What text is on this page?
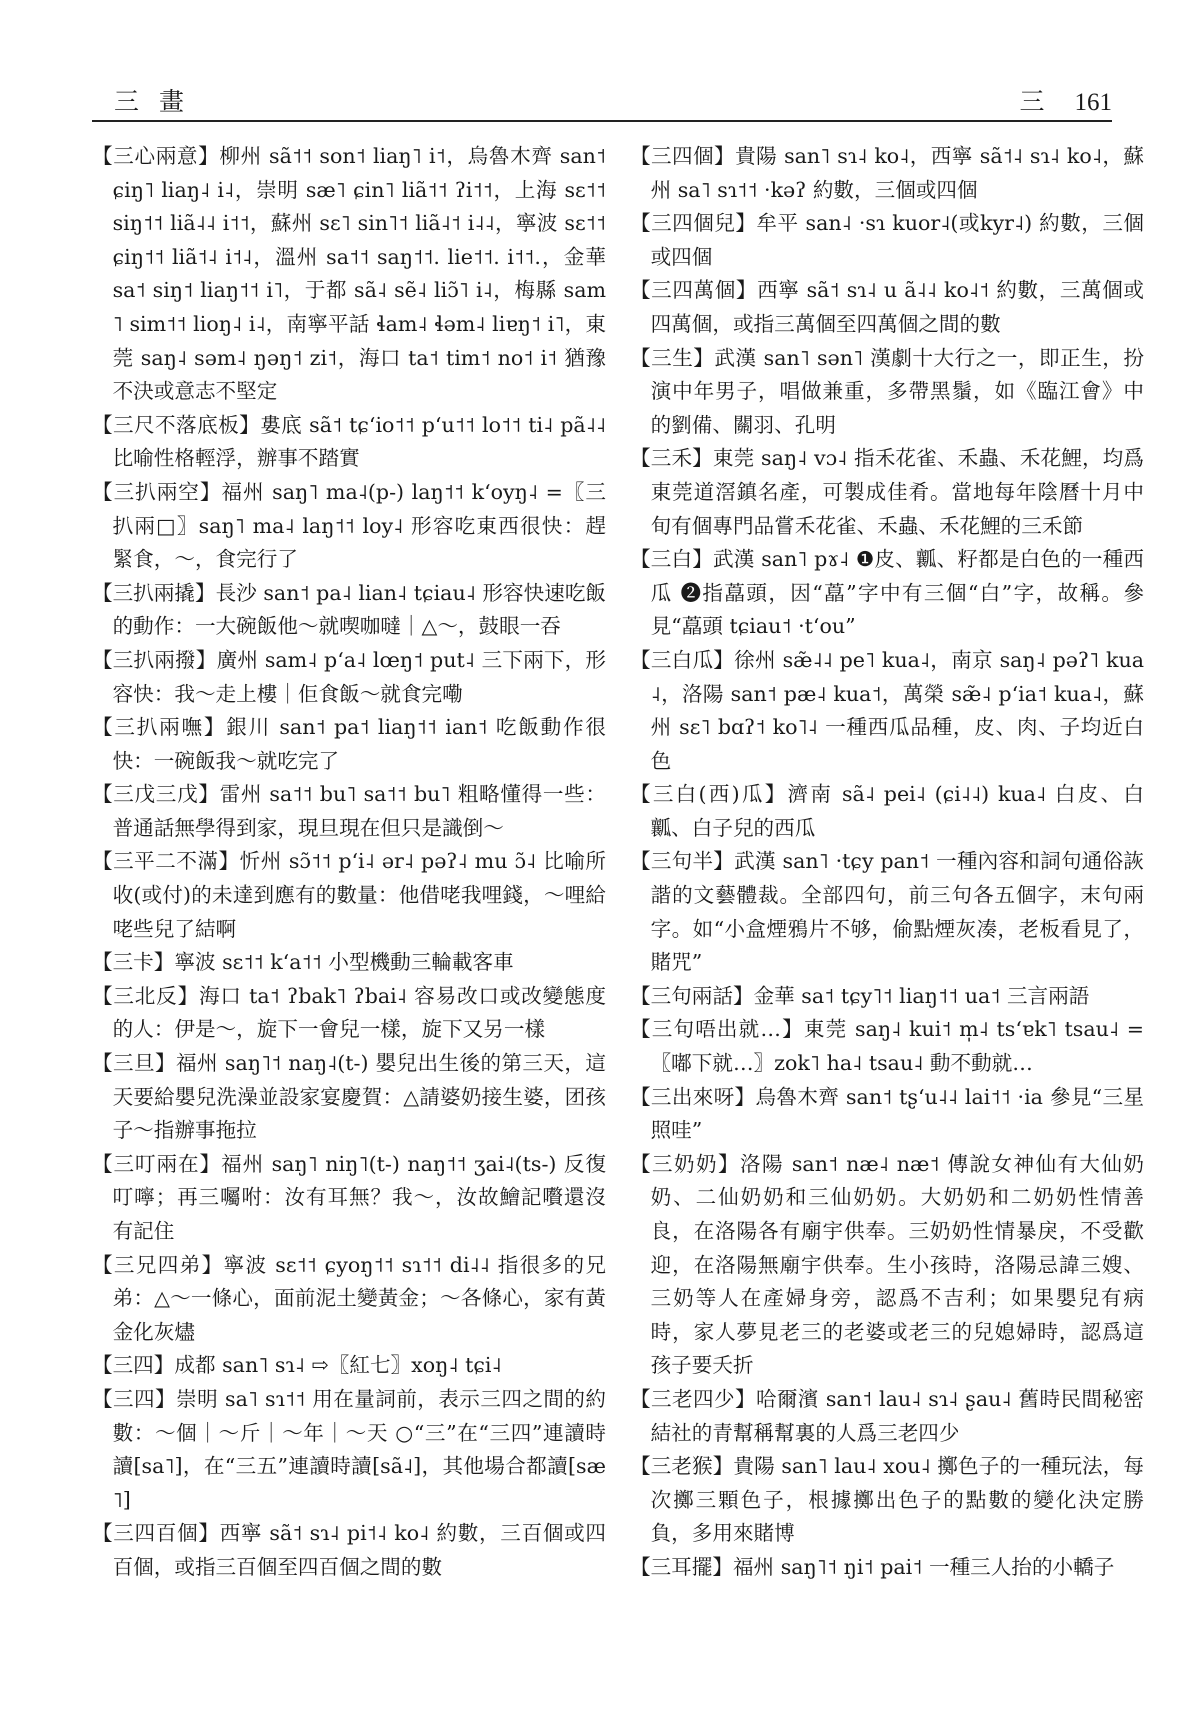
三畫	三 161

【三心兩意】柳州 sã˦˦ son˦ liaŋ˥ i˦，烏魯木齊 san˦ ɕiŋ˥ liaŋ˨ i˨，崇明 sæ˥ ɕin˥ liã˦˦ ʔi˦˦，上海 sɛ˦˦ siŋ˦˦ liã˨˨ i˦˦，蘇州 sɛ˥ sin˥˦ liã˨˦ i˨˨，寧波 sɛ˦˦ ɕiŋ˦˦ liã˦˨ i˦˨，溫州 sa˦˦ saŋ˦˦. lie˦˦. i˦˦.，金華 sa˦ siŋ˦ liaŋ˦˦ i˥，于都 sã˨ sẽ˨ liɔ̃˥ i˨，梅縣 sam˥ sim˦˦ lioŋ˨ i˨，南寧平話 ɬam˨ ɬəm˨ liɐŋ˦ i˥，東莞 saŋ˨ səm˨ ŋəŋ˦ zi˦，海口 ta˦ tim˦ no˦ i˦ 猶豫不決或意志不堅定

【三尺不落底板】婁底 sã˦ tɕʻio˦˦ pʻu˦˦ lo˦˦ ti˨ pã˨˨ 比喻性格輕浮，辦事不踏實

【三扒兩空】福州 saŋ˥ ma˨(p-) laŋ˦˦ kʻoyŋ˨ =〖三扒兩□〗saŋ˥ ma˨ laŋ˦˦ loy˨ 形容吃東西很快：趕緊食，～，食完行了

【三扒兩撬】長沙 san˦ pa˨ lian˨ tɕiau˨ 形容快速吃飯的動作：一大碗飯他～就喫咖噠｜△～，鼓眼一吞

【三扒兩撥】廣州 sam˨ pʻa˨ lœŋ˦ put˨ 三下兩下，形容快：我～走上樓｜佢食飯～就食完嘞

【三扒兩嘸】銀川 san˦ pa˦ liaŋ˦˦ ian˦ 吃飯動作很快：一碗飯我～就吃完了

【三戊三戊】雷州 sa˦˦ bu˥ sa˦˦ bu˥ 粗略懂得一些：普通話無學得到家，現旦現在但只是識倒～

【三平二不滿】忻州 sɔ̃˦˦ pʻi˨ ər˨ pəʔ˨ mu ɔ̃˨ 比喻所收(或付)的未達到應有的數量：他借咾我哩錢，～哩給咾些兒了結啊

【三卡】寧波 sɛ˦˦ kʻa˦˦ 小型機動三輪載客車

【三北反】海口 ta˦ ʔbak˥ ʔbai˨ 容易改口或改變態度的人：伊是～，旋下一會兒一樣，旋下又另一樣

【三旦】福州 saŋ˥˦ naŋ˨(t-) 嬰兒出生後的第三天，這天要給嬰兒洗澡並設家宴慶賀：△請婆奶接生婆，团孩子～指辦事拖拉

【三叮兩在】福州 saŋ˥ niŋ˥(t-) naŋ˦˦ ʒai˨(ts-) 反復叮嚀；再三囑咐：汝有耳無？我～，汝故鱠記嚽還沒有記住

【三兄四弟】寧波 sɛ˦˦ ɕyoŋ˦˦ sɿ˦˦ di˨˨ 指很多的兄弟：△～一條心，面前泥土變黃金；～各條心，家有黃金化灰燼

【三四】成都 san˥ sɿ˨ ⇨〖紅七〗xoŋ˨ tɕi˨

【三四】崇明 sa˥ sɿ˦˦ 用在量詞前，表示三四之間的約數：～個｜～斤｜～年｜～天 ○“三”在“三四”連讀時讀[sa˥]，在“三五”連讀時讀[sã˨]，其他場合都讀[sæ˥]

【三四百個】西寧 sã˦ sɿ˨ pi˦˨ ko˨ 約數，三百個或四百個，或指三百個至四百個之間的數

【三四個】貴陽 san˥ sɿ˨ ko˨，西寧 sã˦˨ sɿ˨ ko˨，蘇州 sa˥ sɿ˦˦ ·kəʔ 約數，三個或四個

【三四個兒】牟平 san˨ ·sɿ kuor˨(或kyr˨) 約數，三個或四個

【三四萬個】西寧 sã˦ sɿ˨ u ã˨˨ ko˨˦ 約數，三萬個或四萬個，或指三萬個至四萬個之間的數

【三生】武漢 san˥ sən˥ 漢劇十大行之一，即正生，扮演中年男子，唱做兼重，多帶黑鬚，如《臨江會》中的劉備、關羽、孔明

【三禾】東莞 saŋ˨ vɔ˨ 指禾花雀、禾蟲、禾花鯉，均爲東莞道滘鎮名產，可製成佳肴。當地每年陰曆十月中旬有個專門品嘗禾花雀、禾蟲、禾花鯉的三禾節

【三白】武漢 san˥ pɤ˨ ❶皮、瓤、籽都是白色的一種西瓜 ❷指藠頭，因“藠”字中有三個“白”字，故稱。參見“藠頭 tɕiau˦ ·tʻou”

【三白瓜】徐州 sæ̃˨˨ pe˥ kua˨，南京 saŋ˨ pəʔ˥ kua˨，洛陽 san˦ pæ˨ kua˦，萬榮 sæ̃˨ pʻia˦ kua˨，蘇州 sɛ˥ bɑʔ˦ ko˥˨ 一種西瓜品種，皮、肉、子均近白色

【三白(西)瓜】濟南 sã˨ pei˨ (ɕi˨˨) kua˨ 白皮、白瓤、白子兒的西瓜

【三句半】武漢 san˥ ·tɕy pan˦ 一種內容和詞句通俗詼諧的文藝體裁。全部四句，前三句各五個字，末句兩字。如“小盒煙鴉片不够，偷點煙灰凑，老板看見了，賭咒”

【三句兩話】金華 sa˦ tɕy˥˦ liaŋ˦˦ ua˦ 三言兩語

【三句唔出就…】東莞 saŋ˨ kui˦ m̩˨ tsʻɐk˥ tsau˨ =〖嘟下就…〗zok˥ ha˨ tsau˨ 動不動就…

【三出來呀】烏魯木齊 san˦ tʂʻu˨˨ lai˦˦ ·ia 參見“三星照哇”

【三奶奶】洛陽 san˦ næ˨ næ˦ 傳說女神仙有大仙奶奶、二仙奶奶和三仙奶奶。大奶奶和二奶奶性情善良，在洛陽各有廟宇供奉。三奶奶性情暴戾，不受歡迎，在洛陽無廟宇供奉。生小孩時，洛陽忌諱三嫂、三奶等人在產婦身旁，認爲不吉利；如果嬰兒有病時，家人夢見老三的老婆或老三的兒媳婦時，認爲這孩子要夭折

【三老四少】哈爾濱 san˦ lau˨ sɿ˨ ʂau˨ 舊時民間秘密結社的青幫稱幫裏的人爲三老四少

【三老猴】貴陽 san˥ lau˨ xou˨ 擲色子的一種玩法，每次擲三顆色子，根據擲出色子的點數的變化決定勝負，多用來賭博

【三耳擺】福州 saŋ˥˦ ŋi˦ pai˦ 一種三人抬的小轎子
